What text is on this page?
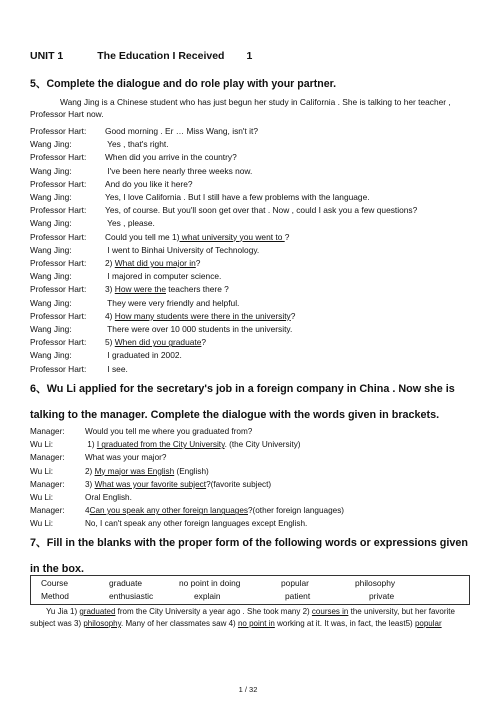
UNIT 1	The Education I Received 1
5、Complete the dialogue and do role play with your partner.
Wang Jing is a Chinese student who has just begun her study in California . She is talking to her teacher , Professor Hart now.
Professor Hart: Good morning . Er … Miss Wang, isn't it?
Wang Jing:	Yes , that's right.
Professor Hart: When did you arrive in the country?
Wang Jing:	I've been here nearly three weeks now.
Professor Hart: And do you like it here?
Wang Jing:	Yes, I love California . But I still have a few problems with the language.
Professor Hart: Yes, of course. But you'll soon get over that . Now , could I ask you a few questions?
Wang Jing:	Yes , please.
Professor Hart: Could you tell me 1) what university you went to ?
Wang Jing:	I went to Binhai University of Technology.
Professor Hart: 2) What did you major in?
Wang Jing:	I majored in computer science.
Professor Hart: 3) How were the teachers there ?
Wang Jing:	They were very friendly and helpful.
Professor Hart: 4) How many students were there in the university?
Wang Jing:	There were over 10 000 students in the university.
Professor Hart: 5) When did you graduate?
Wang Jing:	I graduated in 2002.
Professor Hart: I see.
6、Wu Li applied for the secretary's job in a foreign company in China . Now she is talking to the manager. Complete the dialogue with the words given in brackets.
Manager: Would you tell me where you graduated from?
Wu Li:	1) I graduated from the City University. (the City University)
Manager: What was your major?
Wu Li:	2) My major was English (English)
Manager: 3) What was your favorite subject?(favorite subject)
Wu Li:	Oral English.
Manager: 4Can you speak any other foreign languages?(other foreign languages)
Wu Li:	No, I can't speak any other foreign languages except English.
7、Fill in the blanks with the proper form of the following words or expressions given in the box.
Course	graduate	no point in doing	popular	philosophy
Method	enthusiastic	explain	patient	private
Yu Jia 1) graduated from the City University a year ago . She took many 2) courses in the university, but her favorite subject was 3) philosophy. Many of her classmates saw 4) no point in working at it. It was, in fact, the least5) popular
1 / 32
